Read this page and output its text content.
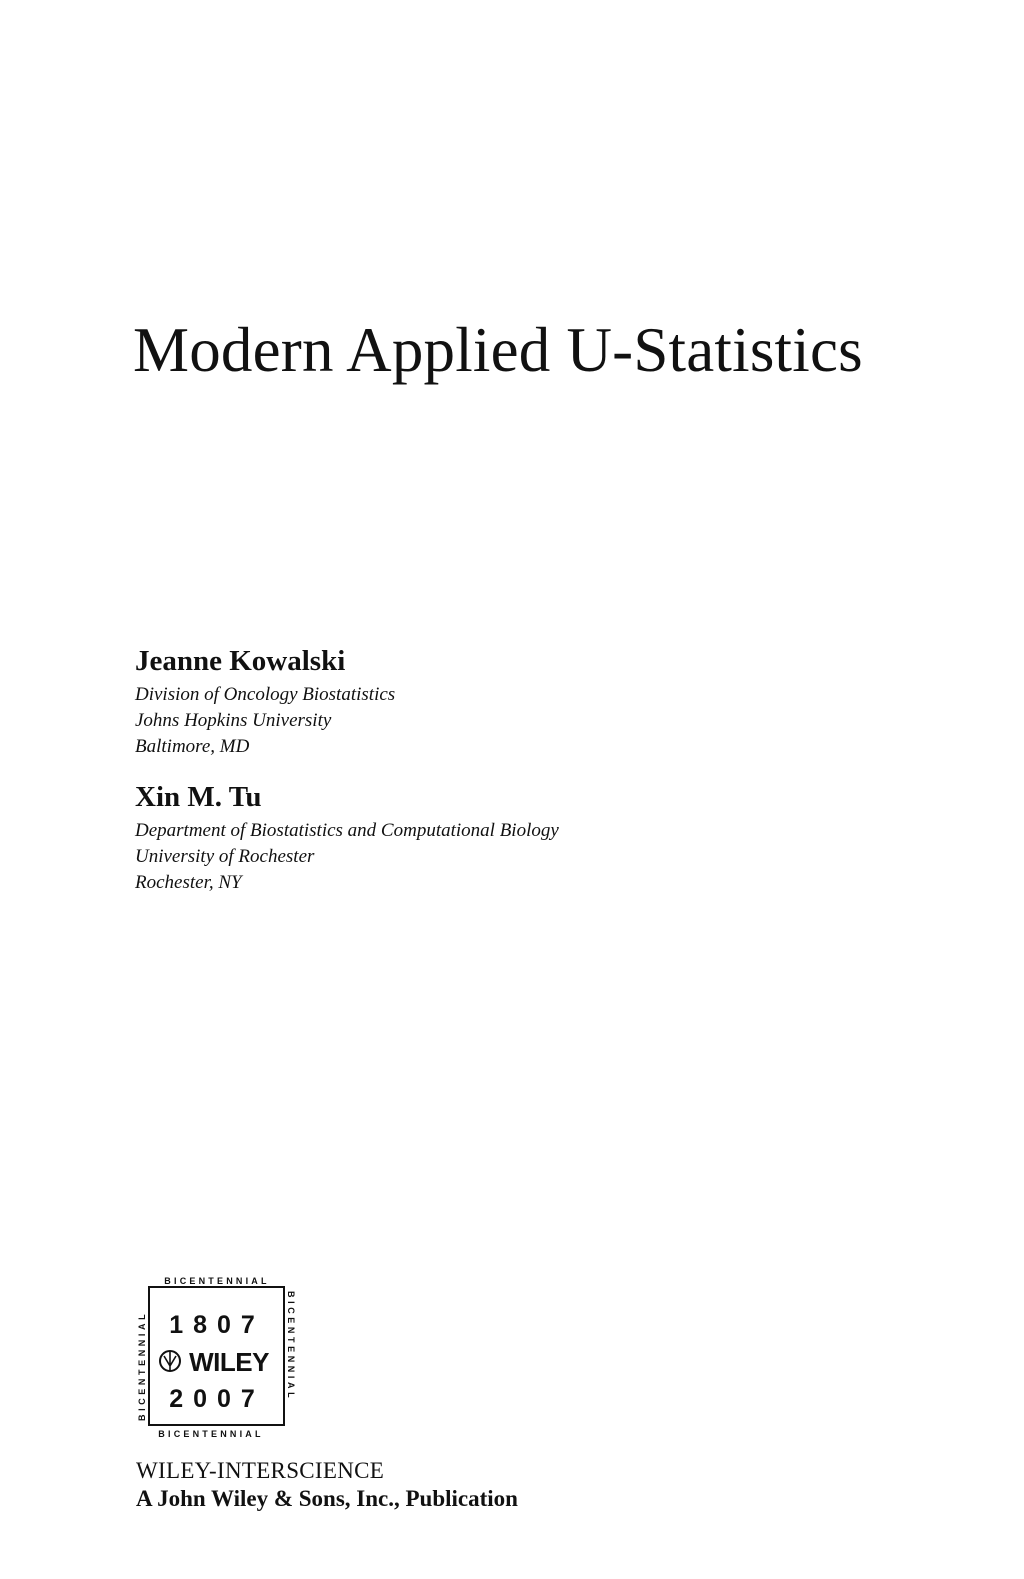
Modern Applied U-Statistics
Jeanne Kowalski
Division of Oncology Biostatistics
Johns Hopkins University
Baltimore, MD
Xin M. Tu
Department of Biostatistics and Computational Biology
University of Rochester
Rochester, NY
BICENTENNIAL
BICENTENNIAL
BICENTENNIAL	BICENTENNIAL
1807
WILEY
2007
WILEY-INTERSCIENCE
A John Wiley & Sons, Inc., Publication
